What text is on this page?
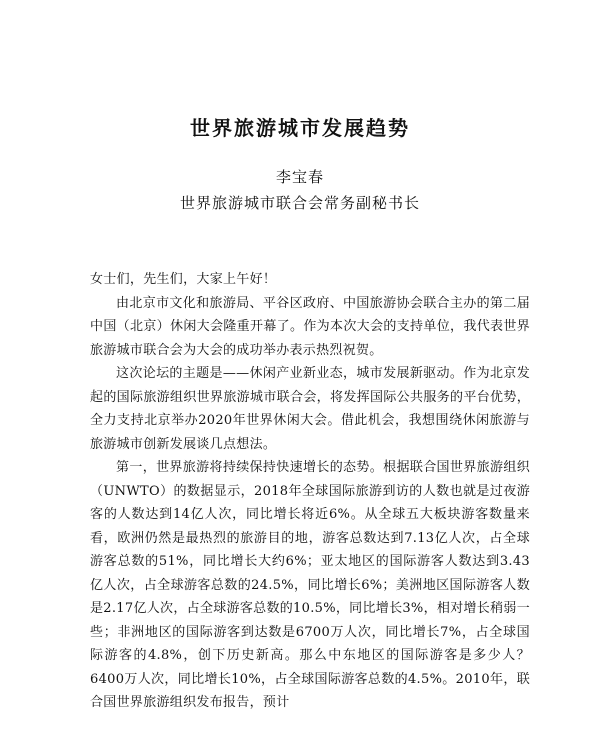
世界旅游城市发展趋势
李宝春
世界旅游城市联合会常务副秘书长

女士们，先生们，大家上午好！

由北京市文化和旅游局、平谷区政府、中国旅游协会联合主办的第二届中国（北京）休闲大会隆重开幕了。作为本次大会的支持单位，我代表世界旅游城市联合会为大会的成功举办表示热烈祝贺。

这次论坛的主题是——休闲产业新业态，城市发展新驱动。作为北京发起的国际旅游组织世界旅游城市联合会，将发挥国际公共服务的平台优势，全力支持北京举办2020年世界休闲大会。借此机会，我想围绕休闲旅游与旅游城市创新发展谈几点想法。

第一，世界旅游将持续保持快速增长的态势。根据联合国世界旅游组织（UNWTO）的数据显示，2018年全球国际旅游到访的人数也就是过夜游客的人数达到14亿人次，同比增长将近6%。从全球五大板块游客数量来看，欧洲仍然是最热烈的旅游目的地，游客总数达到7.13亿人次，占全球游客总数的51%，同比增长大约6%；亚太地区的国际游客人数达到3.43亿人次，占全球游客总数的24.5%，同比增长6%；美洲地区国际游客人数是2.17亿人次，占全球游客总数的10.5%，同比增长3%，相对增长稍弱一些；非洲地区的国际游客到达数是6700万人次，同比增长7%，占全球国际游客的4.8%，创下历史新高。那么中东地区的国际游客是多少人？6400万人次，同比增长10%，占全球国际游客总数的4.5%。2010年，联合国世界旅游组织发布报告，预计
